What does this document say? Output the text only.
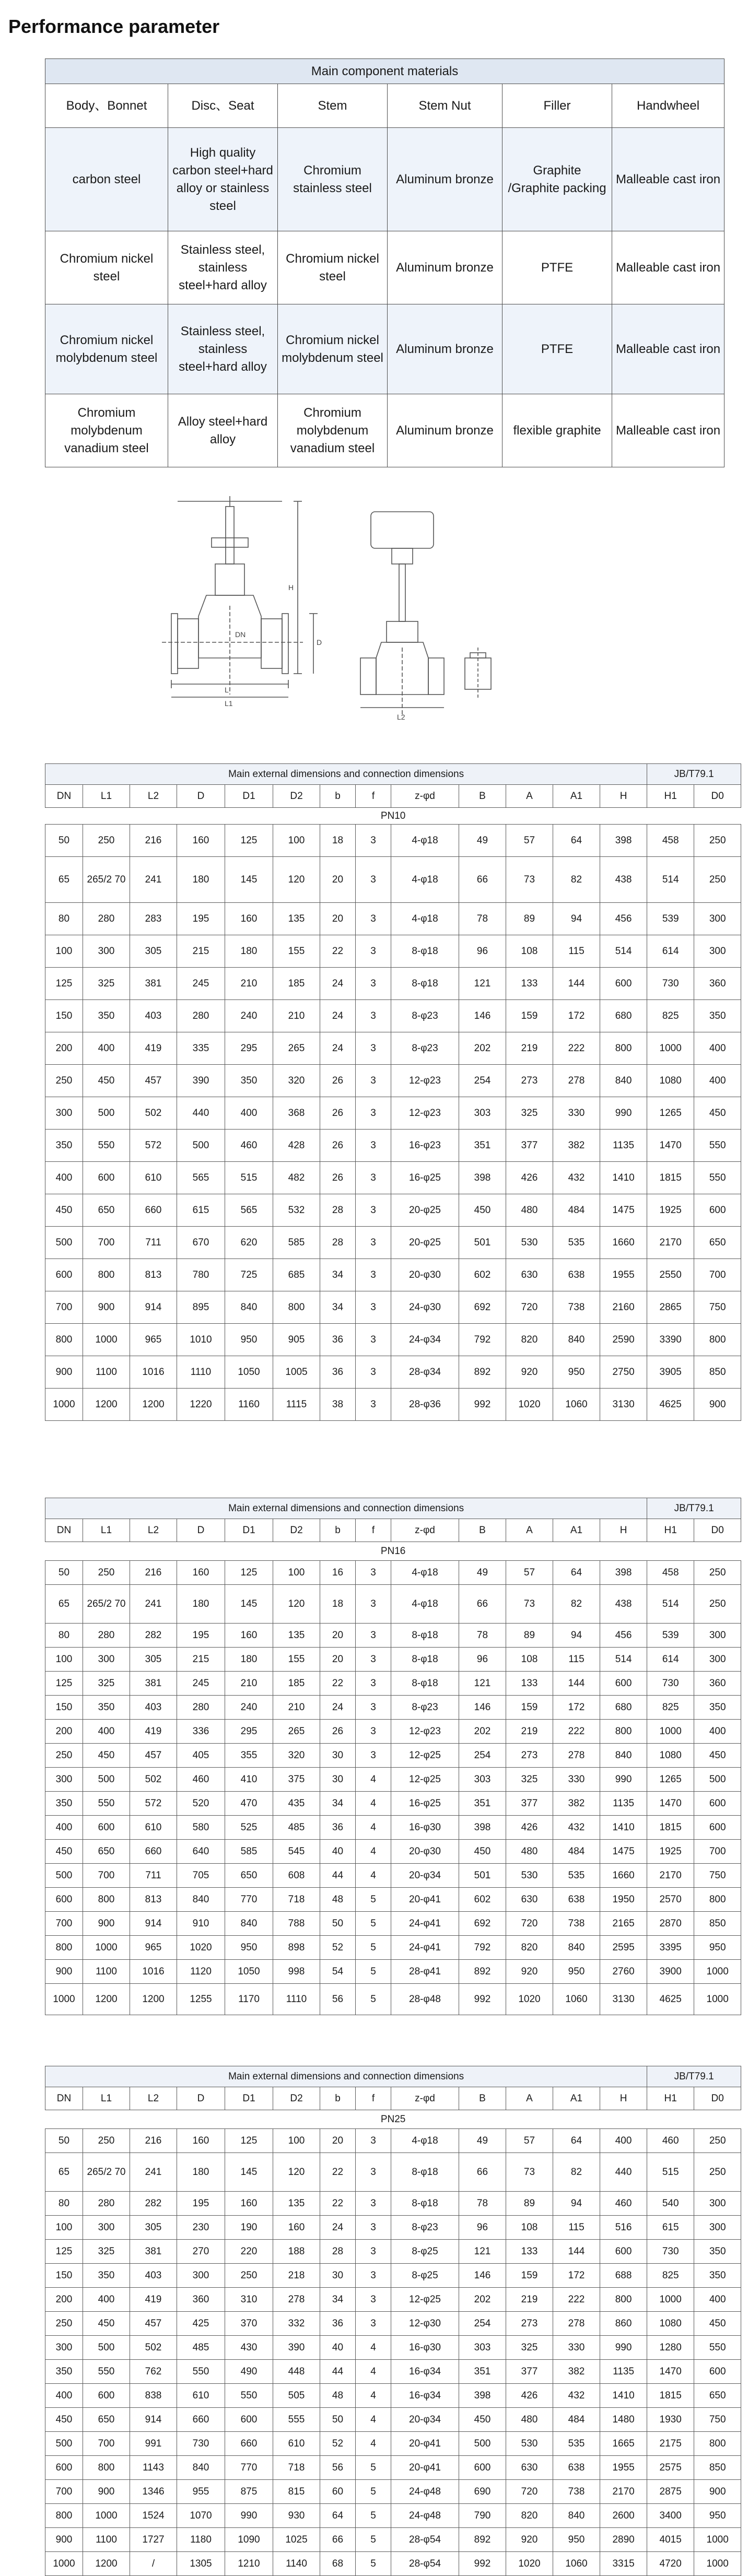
Performance parameter
Main component materials					
Body、Bonnet	Disc、Seat	Stem	Stem Nut	Filler	Handwheel
carbon steel	High quality carbon steel+hard alloy or stainless steel	Chromium stainless steel	Aluminum bronze	Graphite /Graphite packing	Malleable cast iron
Chromium nickel steel	Stainless steel, stainless steel+hard alloy	Chromium nickel steel	Aluminum bronze	PTFE	Malleable cast iron
Chromium nickel molybdenum steel	Stainless steel, stainless steel+hard alloy	Chromium nickel molybdenum steel	Aluminum bronze	PTFE	Malleable cast iron
Chromium molybdenum vanadium steel	Alloy steel+hard alloy	Chromium molybdenum vanadium steel	Aluminum bronze	flexible graphite	Malleable cast iron
L
L1
H
D
DN
L2
Main external dimensions and connection dimensions													JB/T79.1	
DN	L1	L2	D	D1	D2	b	f	z-φd	B	A	A1	H	H1	D0
PN10														
50	250	216	160	125	100	18	3	4-φ18	49	57	64	398	458	250
65	265/2 70	241	180	145	120	20	3	4-φ18	66	73	82	438	514	250
80	280	283	195	160	135	20	3	4-φ18	78	89	94	456	539	300
100	300	305	215	180	155	22	3	8-φ18	96	108	115	514	614	300
125	325	381	245	210	185	24	3	8-φ18	121	133	144	600	730	360
150	350	403	280	240	210	24	3	8-φ23	146	159	172	680	825	350
200	400	419	335	295	265	24	3	8-φ23	202	219	222	800	1000	400
250	450	457	390	350	320	26	3	12-φ23	254	273	278	840	1080	400
300	500	502	440	400	368	26	3	12-φ23	303	325	330	990	1265	450
350	550	572	500	460	428	26	3	16-φ23	351	377	382	1135	1470	550
400	600	610	565	515	482	26	3	16-φ25	398	426	432	1410	1815	550
450	650	660	615	565	532	28	3	20-φ25	450	480	484	1475	1925	600
500	700	711	670	620	585	28	3	20-φ25	501	530	535	1660	2170	650
600	800	813	780	725	685	34	3	20-φ30	602	630	638	1955	2550	700
700	900	914	895	840	800	34	3	24-φ30	692	720	738	2160	2865	750
800	1000	965	1010	950	905	36	3	24-φ34	792	820	840	2590	3390	800
900	1100	1016	1110	1050	1005	36	3	28-φ34	892	920	950	2750	3905	850
1000	1200	1200	1220	1160	1115	38	3	28-φ36	992	1020	1060	3130	4625	900
Main external dimensions and connection dimensions													JB/T79.1	
DN	L1	L2	D	D1	D2	b	f	z-φd	B	A	A1	H	H1	D0
PN16														
50	250	216	160	125	100	16	3	4-φ18	49	57	64	398	458	250
65	265/2 70	241	180	145	120	18	3	4-φ18	66	73	82	438	514	250
80	280	282	195	160	135	20	3	8-φ18	78	89	94	456	539	300
100	300	305	215	180	155	20	3	8-φ18	96	108	115	514	614	300
125	325	381	245	210	185	22	3	8-φ18	121	133	144	600	730	360
150	350	403	280	240	210	24	3	8-φ23	146	159	172	680	825	350
200	400	419	336	295	265	26	3	12-φ23	202	219	222	800	1000	400
250	450	457	405	355	320	30	3	12-φ25	254	273	278	840	1080	450
300	500	502	460	410	375	30	4	12-φ25	303	325	330	990	1265	500
350	550	572	520	470	435	34	4	16-φ25	351	377	382	1135	1470	600
400	600	610	580	525	485	36	4	16-φ30	398	426	432	1410	1815	600
450	650	660	640	585	545	40	4	20-φ30	450	480	484	1475	1925	700
500	700	711	705	650	608	44	4	20-φ34	501	530	535	1660	2170	750
600	800	813	840	770	718	48	5	20-φ41	602	630	638	1950	2570	800
700	900	914	910	840	788	50	5	24-φ41	692	720	738	2165	2870	850
800	1000	965	1020	950	898	52	5	24-φ41	792	820	840	2595	3395	950
900	1100	1016	1120	1050	998	54	5	28-φ41	892	920	950	2760	3900	1000
1000	1200	1200	1255	1170	1110	56	5	28-φ48	992	1020	1060	3130	4625	1000
Main external dimensions and connection dimensions													JB/T79.1	
DN	L1	L2	D	D1	D2	b	f	z-φd	B	A	A1	H	H1	D0
PN25														
50	250	216	160	125	100	20	3	4-φ18	49	57	64	400	460	250
65	265/2 70	241	180	145	120	22	3	8-φ18	66	73	82	440	515	250
80	280	282	195	160	135	22	3	8-φ18	78	89	94	460	540	300
100	300	305	230	190	160	24	3	8-φ23	96	108	115	516	615	300
125	325	381	270	220	188	28	3	8-φ25	121	133	144	600	730	350
150	350	403	300	250	218	30	3	8-φ25	146	159	172	688	825	350
200	400	419	360	310	278	34	3	12-φ25	202	219	222	800	1000	400
250	450	457	425	370	332	36	3	12-φ30	254	273	278	860	1080	450
300	500	502	485	430	390	40	4	16-φ30	303	325	330	990	1280	550
350	550	762	550	490	448	44	4	16-φ34	351	377	382	1135	1470	600
400	600	838	610	550	505	48	4	16-φ34	398	426	432	1410	1815	650
450	650	914	660	600	555	50	4	20-φ34	450	480	484	1480	1930	750
500	700	991	730	660	610	52	4	20-φ41	500	530	535	1665	2175	800
600	800	1143	840	770	718	56	5	20-φ41	600	630	638	1955	2575	850
700	900	1346	955	875	815	60	5	24-φ48	690	720	738	2170	2875	900
800	1000	1524	1070	990	930	64	5	24-φ48	790	820	840	2600	3400	950
900	1100	1727	1180	1090	1025	66	5	28-φ54	892	920	950	2890	4015	1000
1000	1200	/	1305	1210	1140	68	5	28-φ54	992	1020	1060	3315	4720	1000
